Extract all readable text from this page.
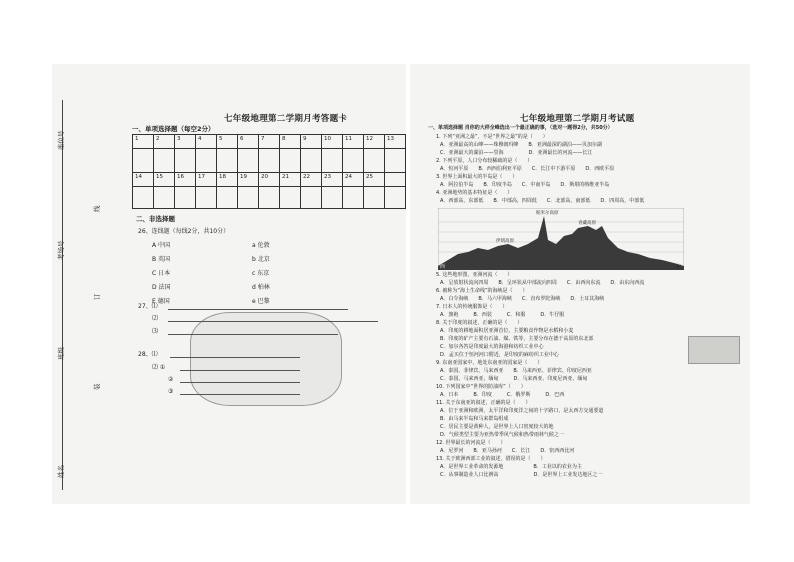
座位号
考场号
班级
姓名
线
订
装
七年级地理第二学期月考答题卡
一、单项选择题（每空2分）
1	2	3	4	5	6	7	8	9	10	11	12	13

14	15	16	17	18	19	20	21	22	23	24	25	

二、非选择题
26、连线题（每线2分，共10分）
A 中国
B 英国
C 日本
D 法国
E 德国
a 伦敦
b 北京
c 东京
d 柏林
e 巴黎
27、⑴
⑵
⑶
28、⑴
⑵ ①
②
③
七年级地理第二学期月考试题
一、单项选择题 肖你的大样全峰选出一个最正确的事，（选对一题得2分，共50分）
1. 下列“亚洲之最”，不是“世界之最”的是（　　）
A．亚洲最高的山峰——珠穆朗玛峰　　B．亚洲最深的湖泊——贝加尔湖
C．亚洲最大的湖泊——里海　　　　　D．亚洲最长的河流——长江
2. 下列平原，人口分布较稀疏的是（　　）
A．恒河平原　　B．西西伯利亚平原　　C．长江中下游平原　　D．西欧平原
3. 世界上面积最大的半岛是（　　）
A．阿拉伯半岛　　B．印度半岛　　C．中南半岛　　D．斯堪的纳维亚半岛
4. 亚洲地势的基本特征是（　　）
A．西部高，东部低　　B．中部高，四周低　　C．北部高，南部低　　D．四周高，中部低
西	东
伊朗高原
青藏高原
帕米尔高原
5. 这些地形图，亚洲河流（　　）
A．呈放射状流向四周　　B．呈环状从中部流向四周　　C．由西向东流　　D．由东向西流
6. 被称为“海上生命线”的海峡是（　　）
A．白令海峡　　B．马六甲海峡　　C．直布罗陀海峡　　D．土耳其海峡
7. 日本人的传统服饰是（　　）
A．旗袍　　　B．西装　　　C．和服　　　D．牛仔服
8. 关于印度的叙述，正确的是（　　）
A．印度的耕地面积居亚洲首位，主要粮食作物是水稻和小麦
B．印度的矿产主要有石油、煤、铁等，主要分布在德干高原的东北部
C．加尔各答是印度最大的海港和纺织工业中心
D．孟买位于恒河河口附近，是印度的麻纺织工业中心
9. 东南亚国家中，地处东南亚的国家是（　　）
A．泰国、菲律宾、马来西亚　　B．马来西亚、菲律宾、印度尼西亚
C．泰国、马来西亚、缅甸　　　D．马来西亚、印度尼西亚、缅甸
10. 下列国家中“世界的防油库”（　　）
A．日本　　　B．印度　　　C．俄罗斯　　　D．巴西
11. 关于东南亚的叙述，正确的是（　　）
A．位于亚洲和欧洲，太平洋和印度洋之间的十字路口，是太西方交通要道
B．由马来半岛和马来群岛组成
C．居民主要是黄种人，是世界上人口密度较大的地
D．气候类型主要为亚热带季风气候和热带雨林气候之一
12. 世界最长的河流是（　　）
A．尼罗河　　B．亚马孙河　　C．长江　　D．密西西比河
13. 关于欧洲西部工业的叙述，错误的是（　　）
A．是世界工业革命的发源地　　　　　　B．工业以的农业为主
C．从事制造业人口比例高　　　　　　　D．是世界上工业发达地区之一
